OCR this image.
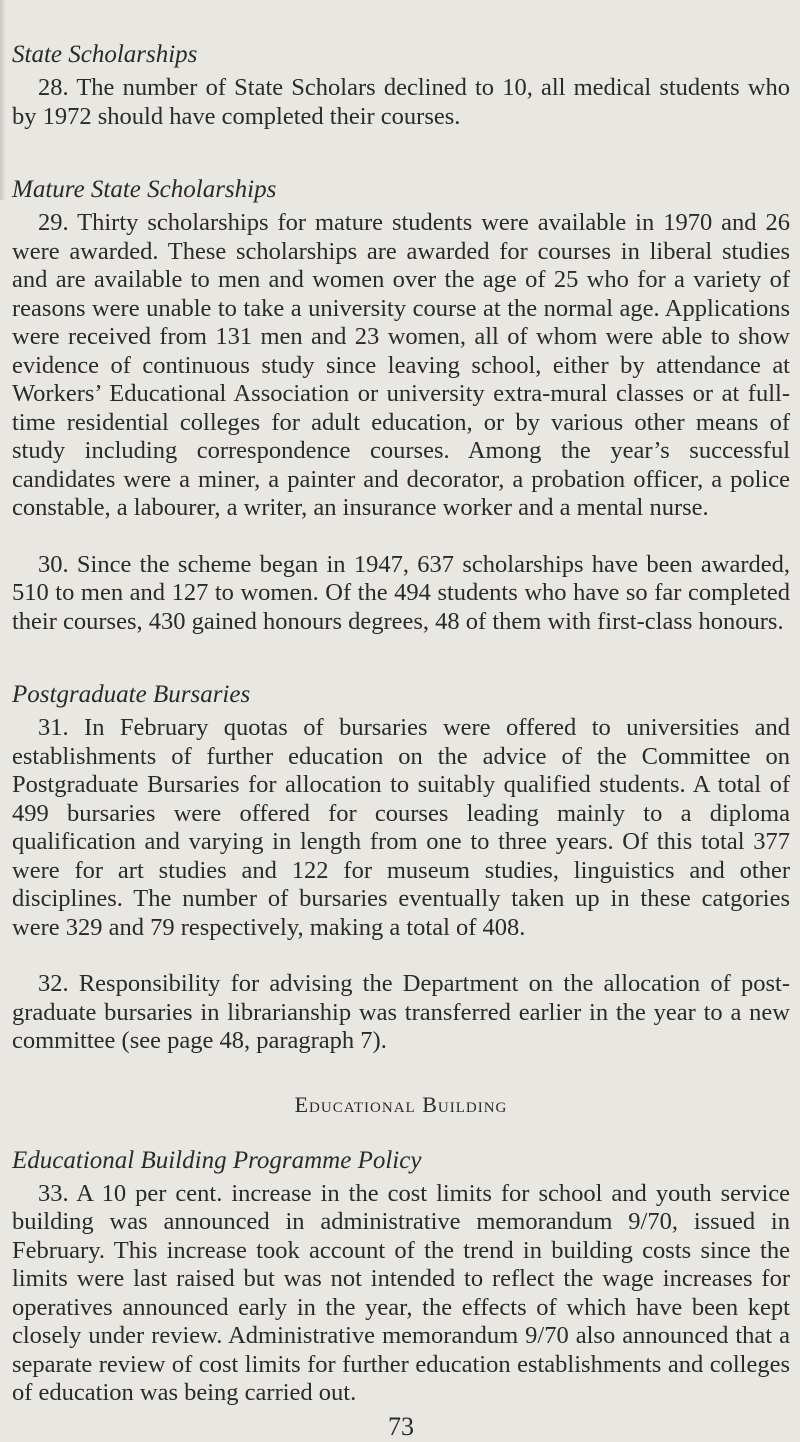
State Scholarships

28. The number of State Scholars declined to 10, all medical students who by 1972 should have completed their courses.

Mature State Scholarships

29. Thirty scholarships for mature students were available in 1970 and 26 were awarded. These scholarships are awarded for courses in liberal studies and are available to men and women over the age of 25 who for a variety of reasons were unable to take a university course at the normal age. Applications were received from 131 men and 23 women, all of whom were able to show evidence of continuous study since leaving school, either by attendance at Workers’ Educational Association or university extra-mural classes or at full-time residential colleges for adult education, or by various other means of study including correspondence courses. Among the year’s successful candidates were a miner, a painter and decorator, a probation officer, a police constable, a labourer, a writer, an insurance worker and a mental nurse.

30. Since the scheme began in 1947, 637 scholarships have been awarded, 510 to men and 127 to women. Of the 494 students who have so far completed their courses, 430 gained honours degrees, 48 of them with first-class honours.

Postgraduate Bursaries

31. In February quotas of bursaries were offered to universities and establishments of further education on the advice of the Committee on Postgraduate Bursaries for allocation to suitably qualified students. A total of 499 bursaries were offered for courses leading mainly to a diploma qualification and varying in length from one to three years. Of this total 377 were for art studies and 122 for museum studies, linguistics and other disciplines. The number of bursaries eventually taken up in these catgories were 329 and 79 respectively, making a total of 408.

32. Responsibility for advising the Department on the allocation of post-graduate bursaries in librarianship was transferred earlier in the year to a new committee (see page 48, paragraph 7).

Educational Building
Educational Building Programme Policy

33. A 10 per cent. increase in the cost limits for school and youth service building was announced in administrative memorandum 9/70, issued in February. This increase took account of the trend in building costs since the limits were last raised but was not intended to reflect the wage increases for operatives announced early in the year, the effects of which have been kept closely under review. Administrative memorandum 9/70 also announced that a separate review of cost limits for further education establishments and colleges of education was being carried out.

73
